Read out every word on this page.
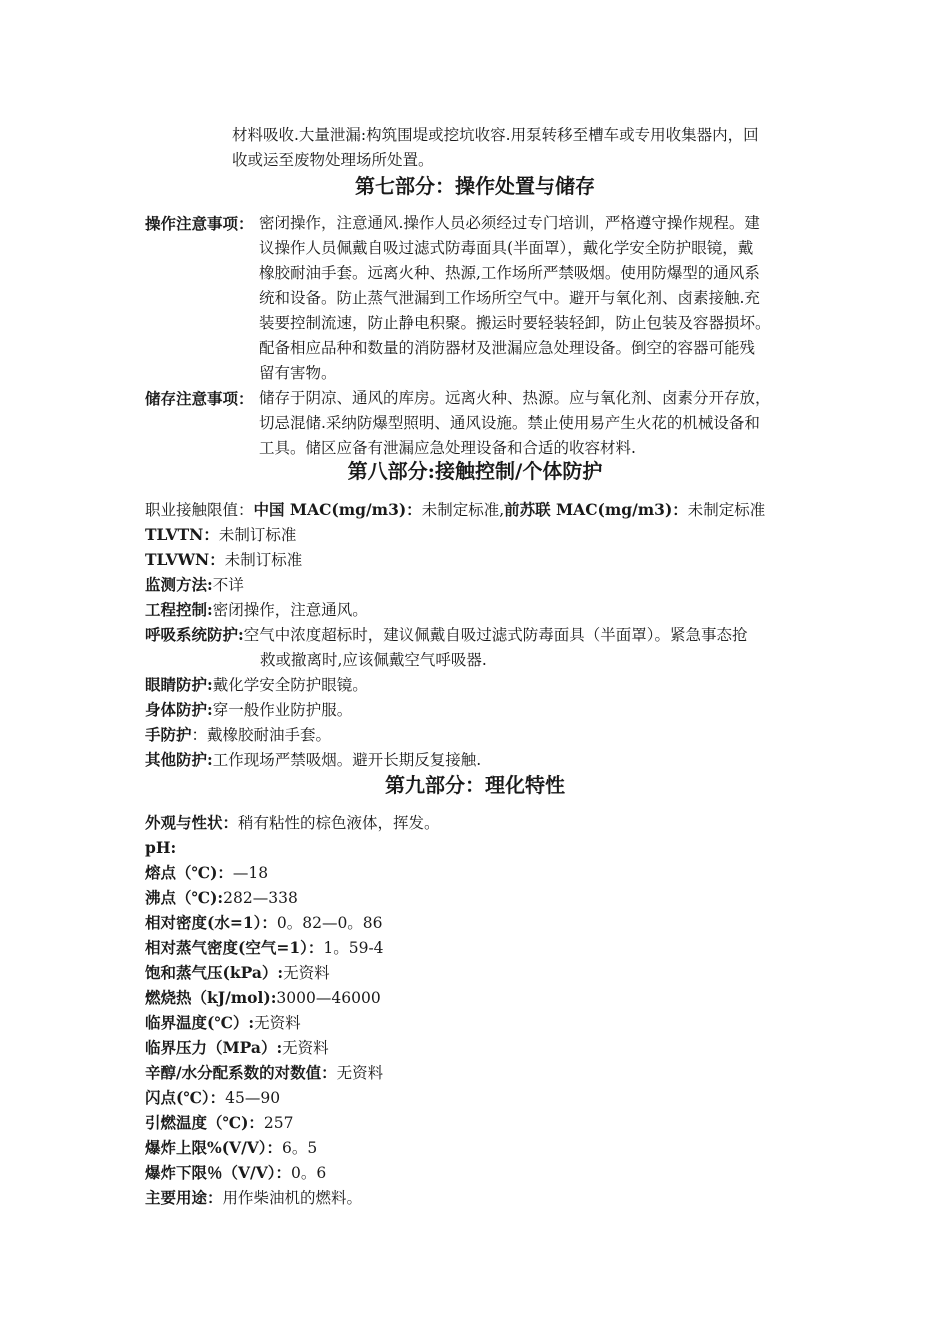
材料吸收.大量泄漏:构筑围堤或挖坑收容.用泵转移至槽车或专用收集器内，回
收或运至废物处理场所处置。
第七部分：操作处置与储存
操作注意事项： 密闭操作，注意通风.操作人员必须经过专门培训，严格遵守操作规程。建
议操作人员佩戴自吸过滤式防毒面具(半面罩），戴化学安全防护眼镜，戴
橡胶耐油手套。远离火种、热源,工作场所严禁吸烟。使用防爆型的通风系
统和设备。防止蒸气泄漏到工作场所空气中。避开与氧化剂、卤素接触.充
装要控制流速，防止静电积聚。搬运时要轻装轻卸，防止包装及容器损坏。
配备相应品种和数量的消防器材及泄漏应急处理设备。倒空的容器可能残
留有害物。
储存注意事项： 储存于阴凉、通风的库房。远离火种、热源。应与氧化剂、卤素分开存放，
切忌混储.采纳防爆型照明、通风设施。禁止使用易产生火花的机械设备和
工具。储区应备有泄漏应急处理设备和合适的收容材料.
第八部分:接触控制/个体防护
职业接触限值：中国 MAC(mg/m3)：未制定标准,前苏联 MAC(mg/m3)：未制定标准
TLVTN：未制订标准
TLVWN：未制订标准
监测方法:不详
工程控制:密闭操作，注意通风。
呼吸系统防护:空气中浓度超标时，建议佩戴自吸过滤式防毒面具（半面罩）。紧急事态抢
救或撤离时,应该佩戴空气呼吸器.
眼睛防护:戴化学安全防护眼镜。
身体防护:穿一般作业防护服。
手防护：戴橡胶耐油手套。
其他防护:工作现场严禁吸烟。避开长期反复接触.
第九部分：理化特性
外观与性状：稍有粘性的棕色液体，挥发。
pH:
熔点（℃)：—18
沸点（℃):282—338
相对密度(水=1）：0。82—0。86
相对蒸气密度(空气=1）：1。59-4
饱和蒸气压(kPa）:无资料
燃烧热（kJ/mol):3000—46000
临界温度(℃）:无资料
临界压力（MPa）:无资料
辛醇/水分配系数的对数值：无资料
闪点(℃）：45—90
引燃温度（℃)：257
爆炸上限%(V/V）：6。5
爆炸下限％（V/V）：0。6
主要用途：用作柴油机的燃料。
